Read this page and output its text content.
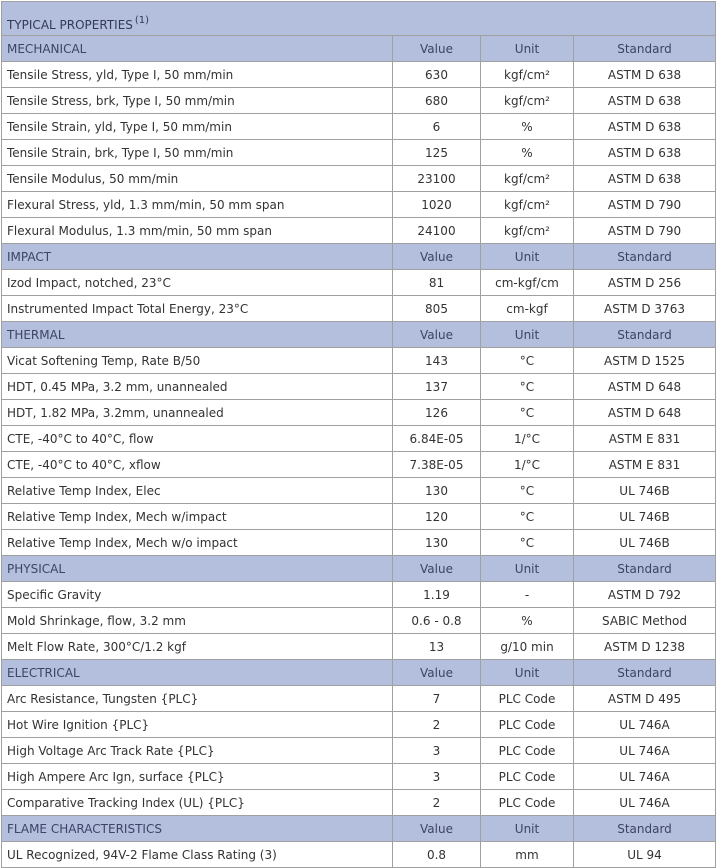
TYPICAL PROPERTIES $^{(1)}$
MECHANICAL	Value	Unit	Standard
Tensile Stress, yld, Type I, 50 mm/min	630	kgf/cm²	ASTM D 638
Tensile Stress, brk, Type I, 50 mm/min	680	kgf/cm²	ASTM D 638
Tensile Strain, yld, Type I, 50 mm/min	6	%	ASTM D 638
Tensile Strain, brk, Type I, 50 mm/min	125	%	ASTM D 638
Tensile Modulus, 50 mm/min	23100	kgf/cm²	ASTM D 638
Flexural Stress, yld, 1.3 mm/min, 50 mm span	1020	kgf/cm²	ASTM D 790
Flexural Modulus, 1.3 mm/min, 50 mm span	24100	kgf/cm²	ASTM D 790
IMPACT	Value	Unit	Standard
Izod Impact, notched, 23°C	81	cm-kgf/cm	ASTM D 256
Instrumented Impact Total Energy, 23°C	805	cm-kgf	ASTM D 3763
THERMAL	Value	Unit	Standard
Vicat Softening Temp, Rate B/50	143	°C	ASTM D 1525
HDT, 0.45 MPa, 3.2 mm, unannealed	137	°C	ASTM D 648
HDT, 1.82 MPa, 3.2mm, unannealed	126	°C	ASTM D 648
CTE, -40°C to 40°C, flow	6.84E-05	1/°C	ASTM E 831
CTE, -40°C to 40°C, xflow	7.38E-05	1/°C	ASTM E 831
Relative Temp Index, Elec	130	°C	UL 746B
Relative Temp Index, Mech w/impact	120	°C	UL 746B
Relative Temp Index, Mech w/o impact	130	°C	UL 746B
PHYSICAL	Value	Unit	Standard
Specific Gravity	1.19	-	ASTM D 792
Mold Shrinkage, flow, 3.2 mm	0.6 - 0.8	%	SABIC Method
Melt Flow Rate, 300°C/1.2 kgf	13	g/10 min	ASTM D 1238
ELECTRICAL	Value	Unit	Standard
Arc Resistance, Tungsten {PLC}	7	PLC Code	ASTM D 495
Hot Wire Ignition {PLC}	2	PLC Code	UL 746A
High Voltage Arc Track Rate {PLC}	3	PLC Code	UL 746A
High Ampere Arc Ign, surface {PLC}	3	PLC Code	UL 746A
Comparative Tracking Index (UL) {PLC}	2	PLC Code	UL 746A
FLAME CHARACTERISTICS	Value	Unit	Standard
UL Recognized, 94V-2 Flame Class Rating (3)	0.8	mm	UL 94
